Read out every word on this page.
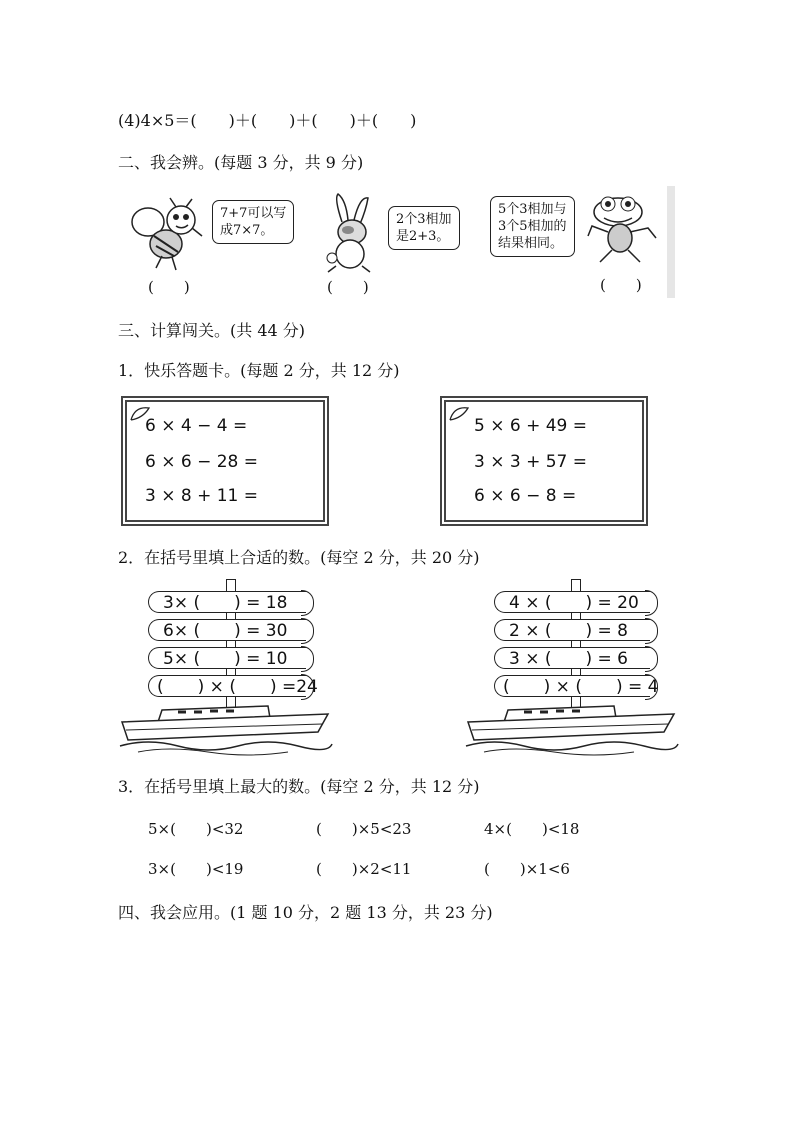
(4)4×5＝(　　)＋(　　)＋(　　)＋(　　)
二、我会辨。(每题 3 分，共 9 分)
7+7可以写
成7×7。
(　　)
2个3相加
是2+3。
(　　)
5个3相加与
3个5相加的
结果相同。
(　　)
三、计算闯关。(共 44 分)
1．快乐答题卡。(每题 2 分，共 12 分)
6 × 4 − 4 =
6 × 6 − 28 =
3 × 8 + 11 =
5 × 6 + 49 =
3 × 3 + 57 =
6 × 6 − 8 =
2．在括号里填上合适的数。(每空 2 分，共 20 分)
3× (　　) = 18
6× (　　) = 30
5× (　　) = 10
(　　) × (　　) =24
4 × (　　) = 20
2 × (　　) = 8
3 × (　　) = 6
(　　) × (　　) = 4
3．在括号里填上最大的数。(每空 2 分，共 12 分)
5×(　　)<32	(　　)×5<23	4×(　　)<18
3×(　　)<19	(　　)×2<11	(　　)×1<6
四、我会应用。(1 题 10 分，2 题 13 分，共 23 分)
